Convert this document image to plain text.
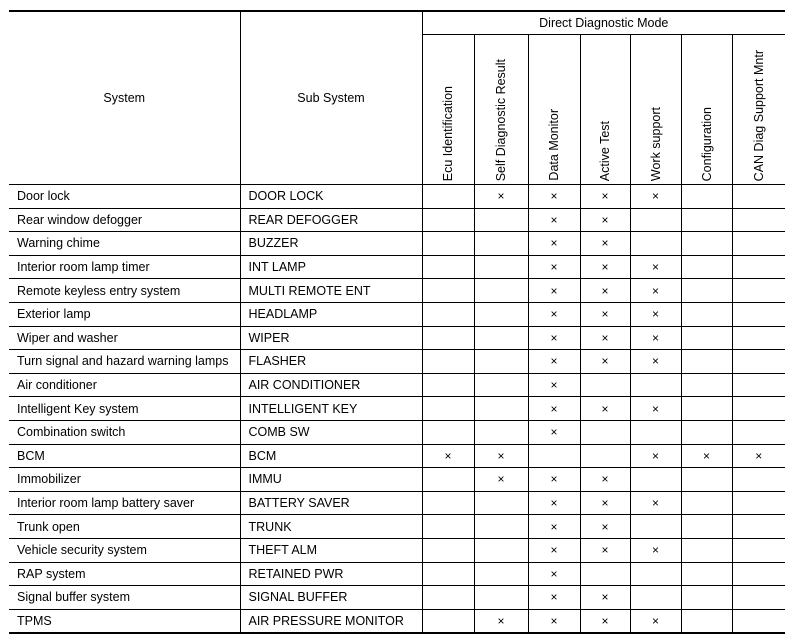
System	Sub System	Direct Diagnostic Mode						
		Ecu Identification	Self Diagnostic Result	Data Monitor	Active Test	Work support	Configuration	CAN Diag Support Mntr
Door lock	DOOR LOCK		×	×	×	×		
Rear window defogger	REAR DEFOGGER			×	×			
Warning chime	BUZZER			×	×			
Interior room lamp timer	INT LAMP			×	×	×		
Remote keyless entry system	MULTI REMOTE ENT			×	×	×		
Exterior lamp	HEADLAMP			×	×	×		
Wiper and washer	WIPER			×	×	×		
Turn signal and hazard warning lamps	FLASHER			×	×	×		
Air conditioner	AIR CONDITIONER			×				
Intelligent Key system	INTELLIGENT KEY			×	×	×		
Combination switch	COMB SW			×				
BCM	BCM	×	×			×	×	×
Immobilizer	IMMU		×	×	×			
Interior room lamp battery saver	BATTERY SAVER			×	×	×		
Trunk open	TRUNK			×	×			
Vehicle security system	THEFT ALM			×	×	×		
RAP system	RETAINED PWR			×				
Signal buffer system	SIGNAL BUFFER			×	×			
TPMS	AIR PRESSURE MONITOR		×	×	×	×		
